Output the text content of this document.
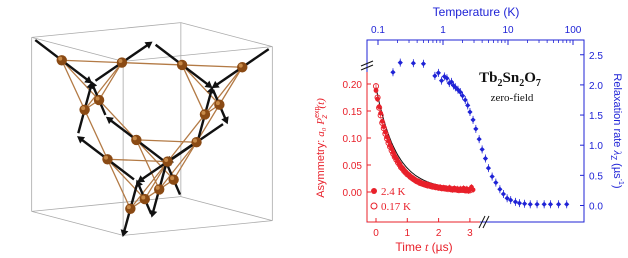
0.00
0.05
0.10
0.15
0.20
0	1	2	3
0.0
0.5
1.0
1.5
2.0
2.5
0.1	1	10	100
Temperature (K)
Time t (µs)
Asymmetry: a₀ $P^{exp}z(t)$	Relaxation rate $\lambda_Z$ (µs$^{-1}$)
$Tb_2Sn_2O_7$
zero-field
2.4 K
0.17 K
